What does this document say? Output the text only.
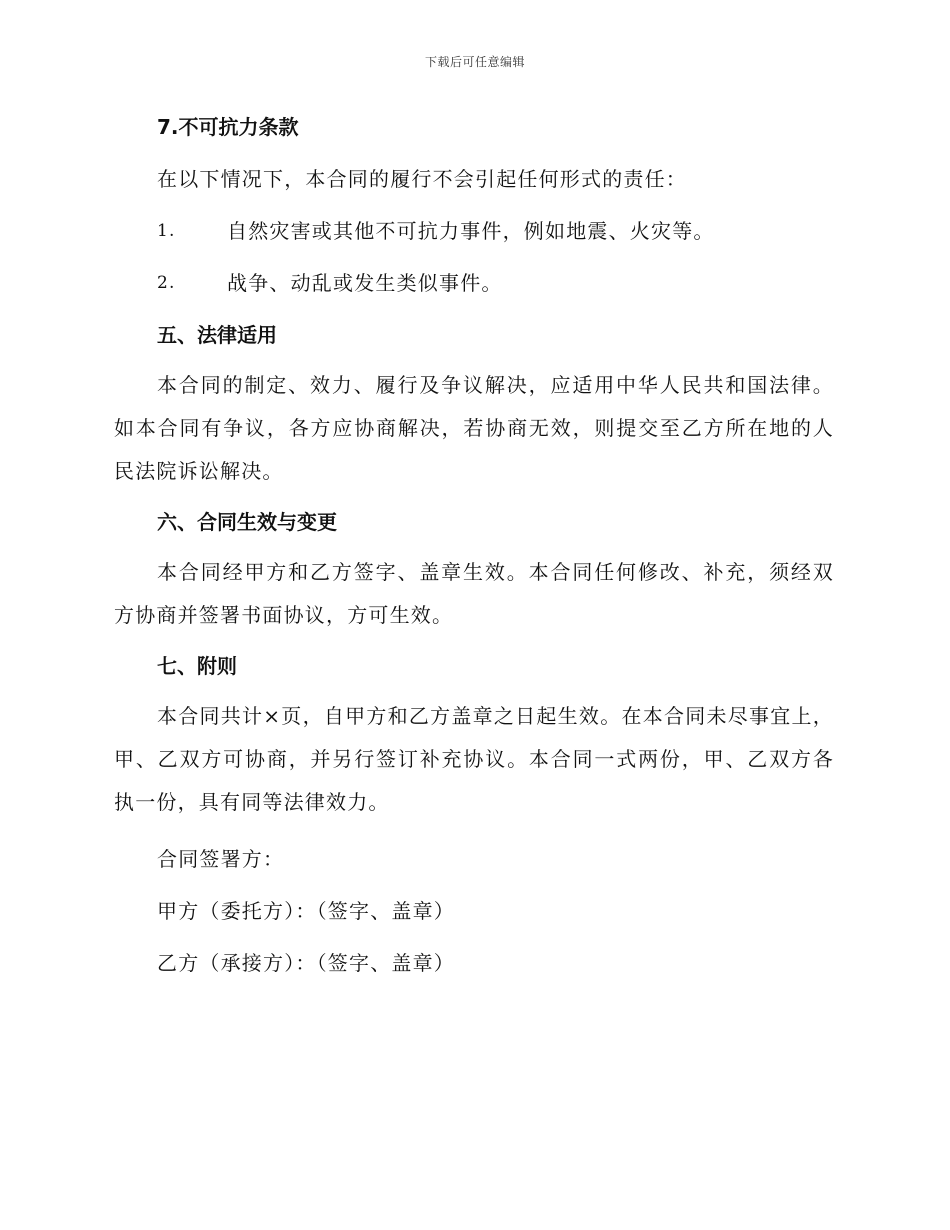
下载后可任意编辑
7.不可抗力条款
在以下情况下，本合同的履行不会引起任何形式的责任：
1.	自然灾害或其他不可抗力事件，例如地震、火灾等。
2.	战争、动乱或发生类似事件。
五、法律适用

本合同的制定、效力、履行及争议解决，应适用中华人民共和国法律。如本合同有争议，各方应协商解决，若协商无效，则提交至乙方所在地的人民法院诉讼解决。

六、合同生效与变更

本合同经甲方和乙方签字、盖章生效。本合同任何修改、补充，须经双方协商并签署书面协议，方可生效。

七、附则

本合同共计×页，自甲方和乙方盖章之日起生效。在本合同未尽事宜上，甲、乙双方可协商，并另行签订补充协议。本合同一式两份，甲、乙双方各执一份，具有同等法律效力。

合同签署方：
甲方（委托方）：（签字、盖章）
乙方（承接方）：（签字、盖章）
